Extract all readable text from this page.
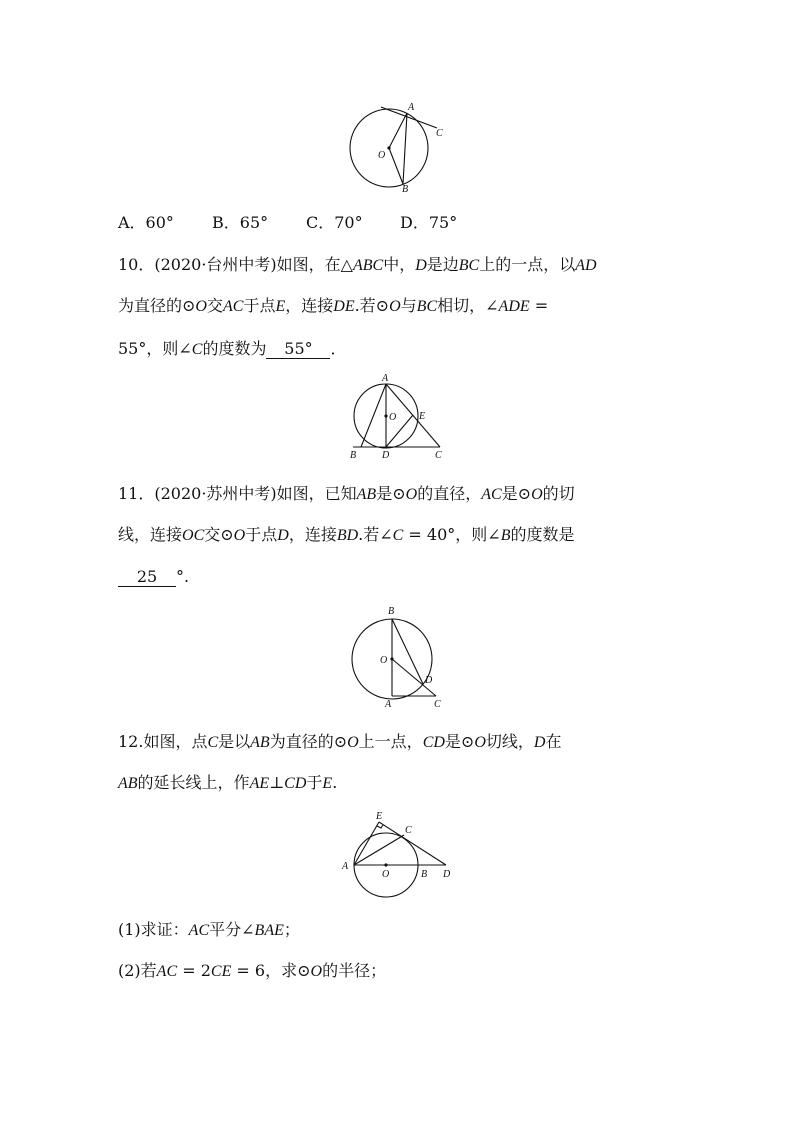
A
C
O
B
A．60° B．65° C．70° D．75°
10．(2020·台州中考)如图，在△ABC中，D是边BC上的一点，以AD
为直径的⊙O交AC于点E，连接DE.若⊙O与BC相切，∠ADE =
55°，则∠C的度数为 55° ．
A
O E
B	D	C
11．(2020·苏州中考)如图，已知AB是⊙O的直径，AC是⊙O的切
线，连接OC交⊙O于点D，连接BD.若∠C = 40°，则∠B的度数是
25 °.
B
O
D
A	C
12.如图，点C是以AB为直径的⊙O上一点，CD是⊙O切线，D在
AB的延长线上，作AE⊥CD于E.
E
C
A
O	B D
(1)求证：AC平分∠BAE；
(2)若AC = 2CE = 6，求⊙O的半径；
